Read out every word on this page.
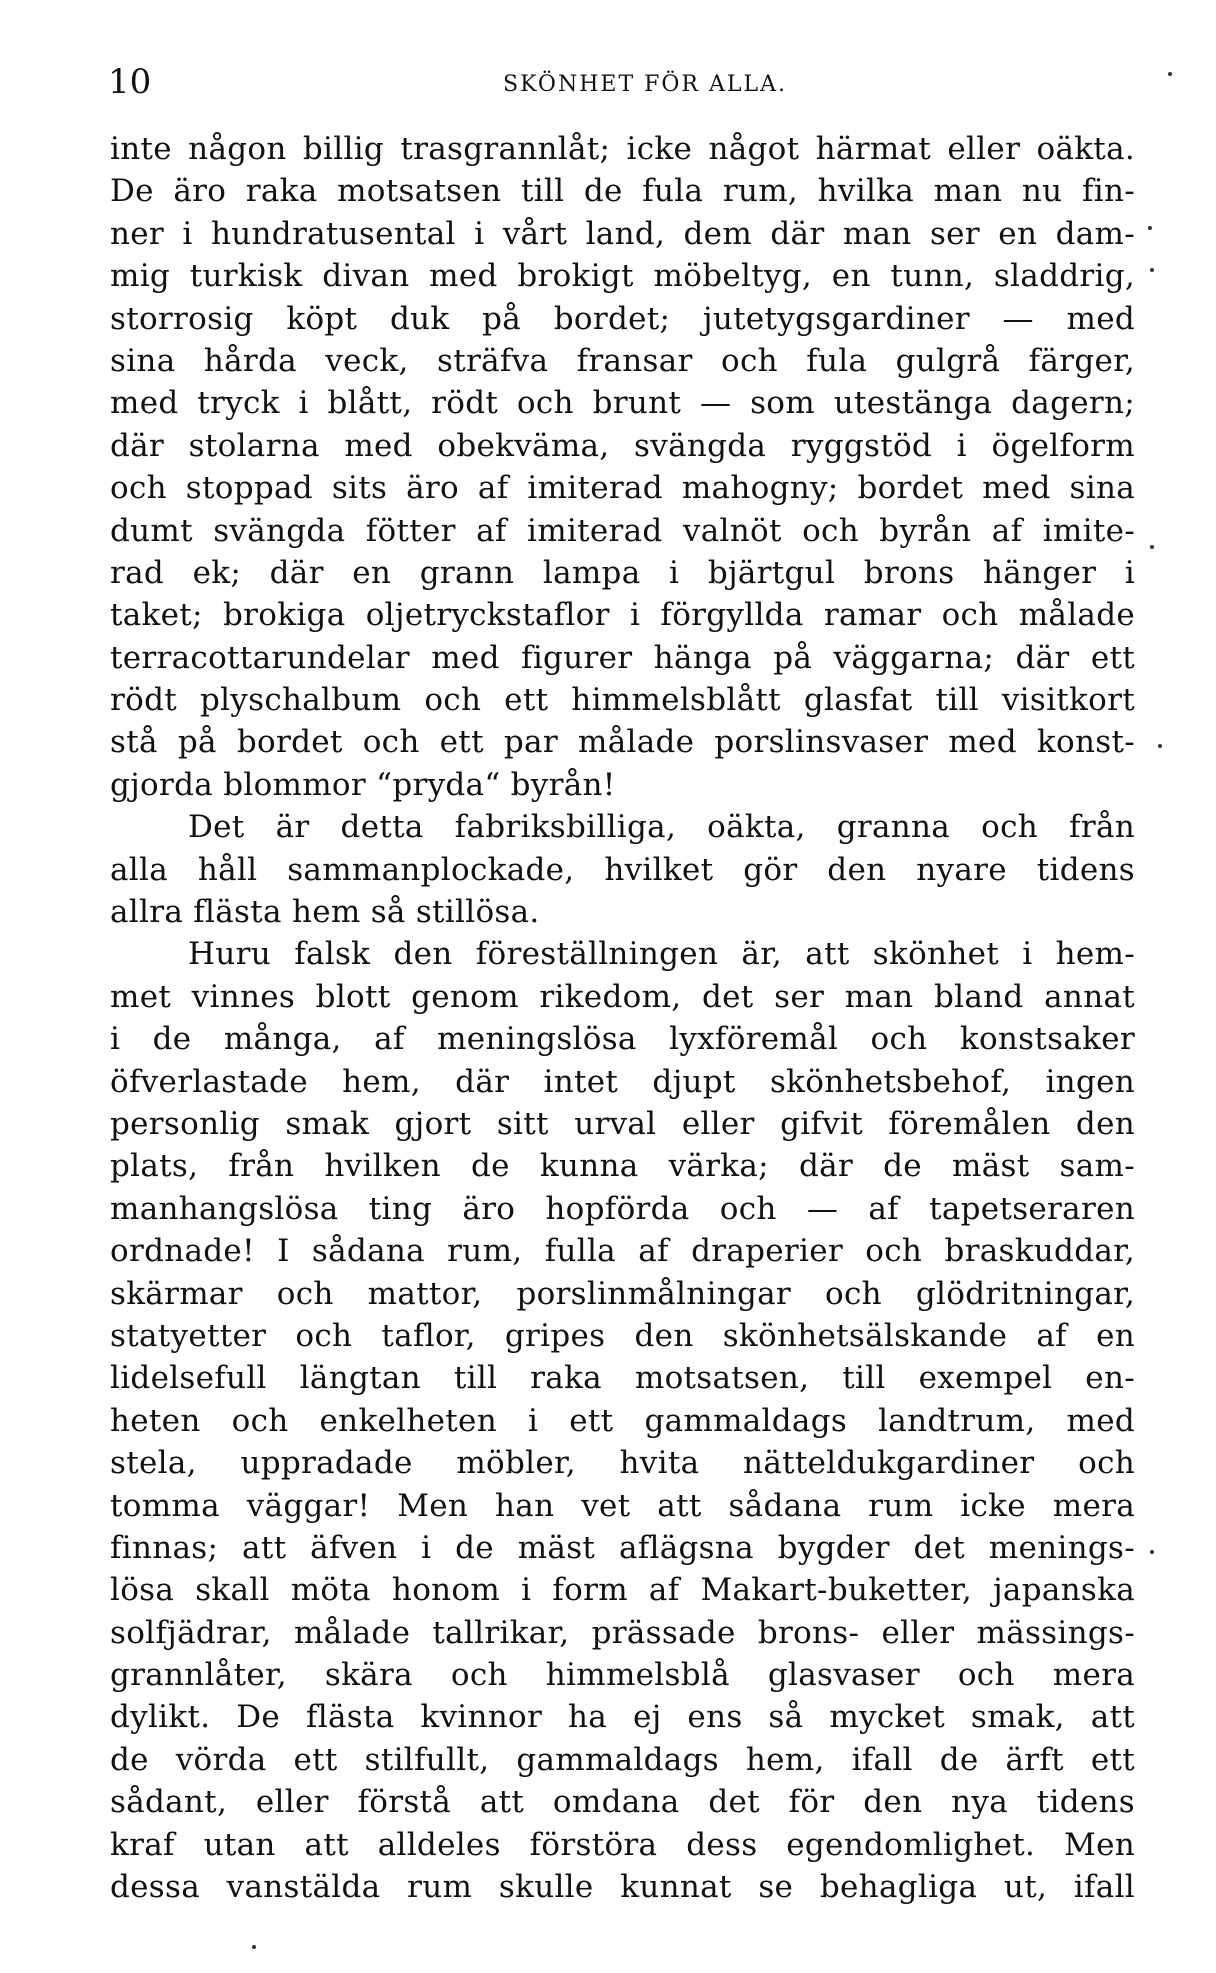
10	SKÖNHET FÖR ALLA.
inte någon billig trasgrannlåt; icke något härmat eller oäkta.
De äro raka motsatsen till de fula rum, hvilka man nu fin-
ner i hundratusental i vårt land, dem där man ser en dam-
mig turkisk divan med brokigt möbeltyg, en tunn, sladdrig,
storrosig köpt duk på bordet; jutetygsgardiner — med
sina hårda veck, sträfva fransar och fula gulgrå färger,
med tryck i blått, rödt och brunt — som utestänga dagern;
där stolarna med obekväma, svängda ryggstöd i ögelform
och stoppad sits äro af imiterad mahogny; bordet med sina
dumt svängda fötter af imiterad valnöt och byrån af imite-
rad ek; där en grann lampa i bjärtgul brons hänger i
taket; brokiga oljetryckstaflor i förgyllda ramar och målade
terracottarundelar med figurer hänga på väggarna; där ett
rödt plyschalbum och ett himmelsblått glasfat till visitkort
stå på bordet och ett par målade porslinsvaser med konst-
gjorda blommor “pryda“ byrån!
Det är detta fabriksbilliga, oäkta, granna och från
alla håll sammanplockade, hvilket gör den nyare tidens
allra flästa hem så stillösa.
Huru falsk den föreställningen är, att skönhet i hem-
met vinnes blott genom rikedom, det ser man bland annat
i de många, af meningslösa lyxföremål och konstsaker
öfverlastade hem, där intet djupt skönhetsbehof, ingen
personlig smak gjort sitt urval eller gifvit föremålen den
plats, från hvilken de kunna värka; där de mäst sam-
manhangslösa ting äro hopförda och — af tapetseraren
ordnade! I sådana rum, fulla af draperier och braskuddar,
skärmar och mattor, porslinmålningar och glödritningar,
statyetter och taflor, gripes den skönhetsälskande af en
lidelsefull längtan till raka motsatsen, till exempel en-
heten och enkelheten i ett gammaldags landtrum, med
stela, uppradade möbler, hvita nätteldukgardiner och
tomma väggar! Men han vet att sådana rum icke mera
finnas; att äfven i de mäst aflägsna bygder det menings-
lösa skall möta honom i form af Makart-buketter, japanska
solfjädrar, målade tallrikar, prässade brons- eller mässings-
grannlåter, skära och himmelsblå glasvaser och mera
dylikt. De flästa kvinnor ha ej ens så mycket smak, att
de vörda ett stilfullt, gammaldags hem, ifall de ärft ett
sådant, eller förstå att omdana det för den nya tidens
kraf utan att alldeles förstöra dess egendomlighet. Men
dessa vanstälda rum skulle kunnat se behagliga ut, ifall
